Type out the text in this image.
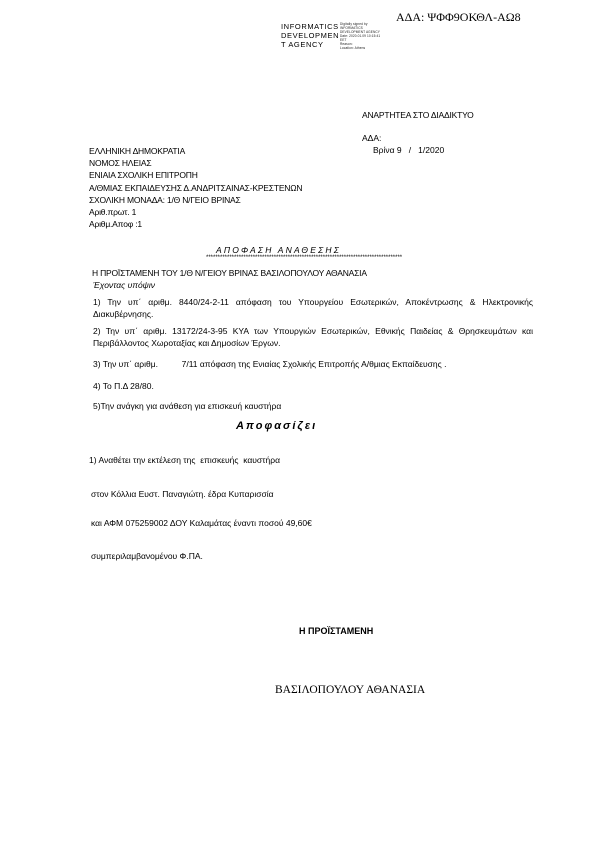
ΑΔΑ: ΨΦΦ9ΟΚΘΛ-ΑΩ8
INFORMATICS
DEVELOPMEN
T AGENCY
Digitally signed by
INFORMATICS
DEVELOPMENT AGENCY
Date: 2020.01.09 10:15:41
EET
Reason:
Location: Athens
ΑΝΑΡΤΗΤΕΑ ΣΤΟ ΔΙΑΔΙΚΤΥΟ
ΑΔΑ:
Βρίνα 9   /   1/2020
ΕΛΛΗΝΙΚΗ ΔΗΜΟΚΡΑΤΙΑ
ΝΟΜΟΣ ΗΛΕΙΑΣ
ΕΝΙΑΙΑ ΣΧΟΛΙΚΗ ΕΠΙΤΡΟΠΗ
Α/ΘΜΙΑΣ ΕΚΠΑΙΔΕΥΣΗΣ Δ.ΑΝΔΡΙΤΣΑΙΝΑΣ-ΚΡΕΣΤΕΝΩΝ
ΣΧΟΛΙΚΗ ΜΟΝΑΔΑ: 1/Θ Ν/ΓΕΙΟ ΒΡΙΝΑΣ
Αριθ.πρωτ. 1
Αριθμ.Αποφ :1
ΑΠΟΦΑΣΗ ΑΝΑΘΕΣΗΣ
************************************************************************************
Η ΠΡΟΪΣΤΑΜΕΝΗ ΤΟΥ 1/Θ Ν/ΓΕΙΟΥ ΒΡΙΝΑΣ ΒΑΣΙΛΟΠΟΥΛΟΥ ΑΘΑΝΑΣΙΑ
Έχοντας υπόψιν
1) Την υπ΄ αριθμ. 8440/24-2-11 απόφαση του Υπουργείου Εσωτερικών, Αποκέντρωσης & Ηλεκτρονικής Διακυβέρνησης.
2) Την υπ΄ αριθμ. 13172/24-3-95 ΚΥΑ των Υπουργιών Εσωτερικών, Εθνικής Παιδείας & Θρησκευμάτων και Περιβάλλοντος Χωροταξίας και Δημοσίων Έργων.
3) Την υπ΄ αριθμ.          7/11 απόφαση της Ενιαίας Σχολικής Επιτροπής Α/θμιας Εκπαίδευσης .
4) Το Π.Δ 28/80.
5)Την ανάγκη για ανάθεση για επισκευή καυστήρα
Αποφασίζει
1) Αναθέτει την εκτέλεση της  επισκευής  καυστήρα
στον Κόλλια Ευστ. Παναγιώτη. έδρα Κυπαρισσία
και ΑΦΜ 075259002 ΔΟΥ Καλαμάτας έναντι ποσού 49,60€
συμπεριλαμβανομένου Φ.ΠΑ.
Η ΠΡΟΪΣΤΑΜΕΝΗ
ΒΑΣΙΛΟΠΟΥΛΟΥ ΑΘΑΝΑΣΙΑ
